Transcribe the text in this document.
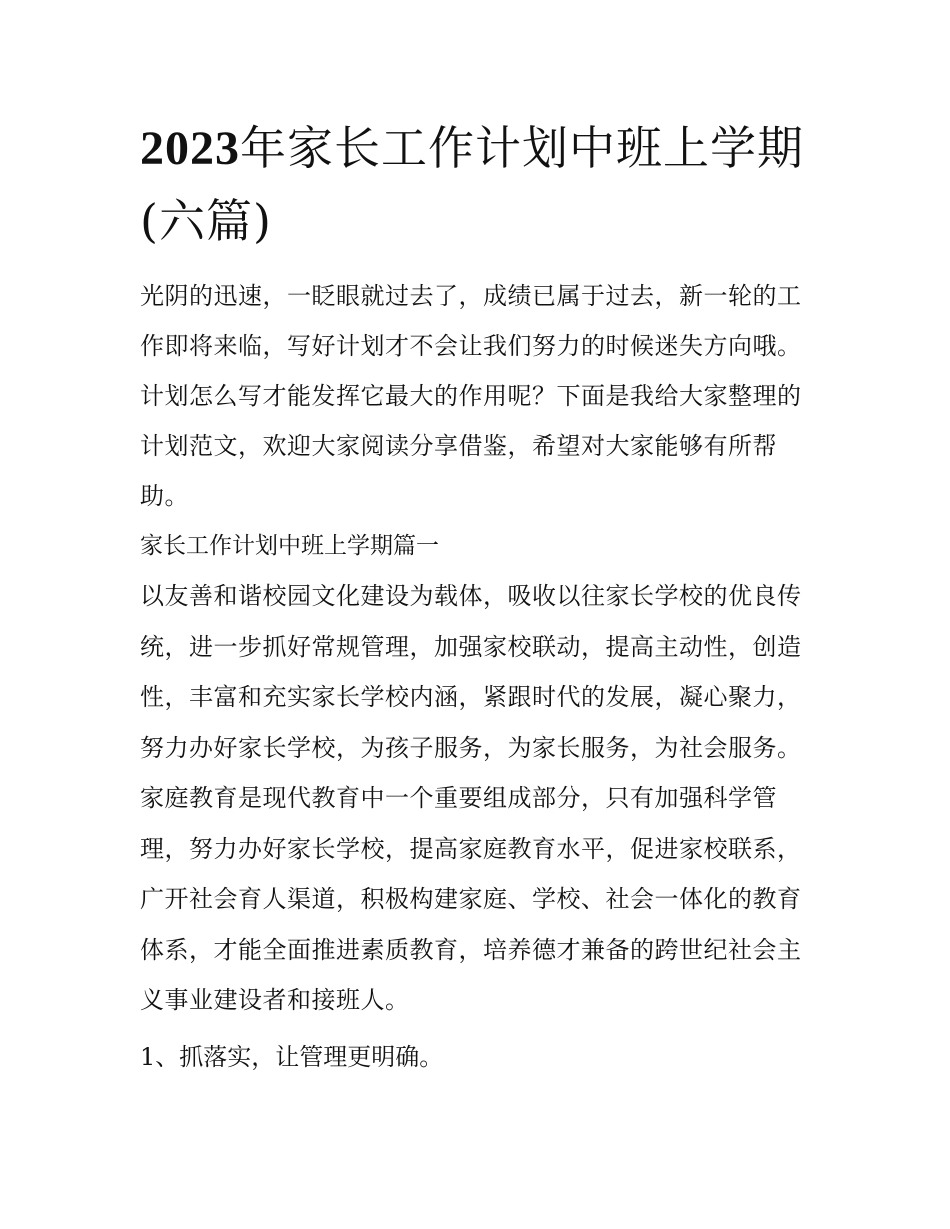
2023年家长工作计划中班上学期(六篇)

光阴的迅速，一眨眼就过去了，成绩已属于过去，新一轮的工作即将来临，写好计划才不会让我们努力的时候迷失方向哦。计划怎么写才能发挥它最大的作用呢？下面是我给大家整理的计划范文，欢迎大家阅读分享借鉴，希望对大家能够有所帮助。

家长工作计划中班上学期篇一

以友善和谐校园文化建设为载体，吸收以往家长学校的优良传统，进一步抓好常规管理，加强家校联动，提高主动性，创造性，丰富和充实家长学校内涵，紧跟时代的发展，凝心聚力，努力办好家长学校，为孩子服务，为家长服务，为社会服务。

家庭教育是现代教育中一个重要组成部分，只有加强科学管理，努力办好家长学校，提高家庭教育水平，促进家校联系，广开社会育人渠道，积极构建家庭、学校、社会一体化的教育体系，才能全面推进素质教育，培养德才兼备的跨世纪社会主义事业建设者和接班人。

1、抓落实，让管理更明确。
